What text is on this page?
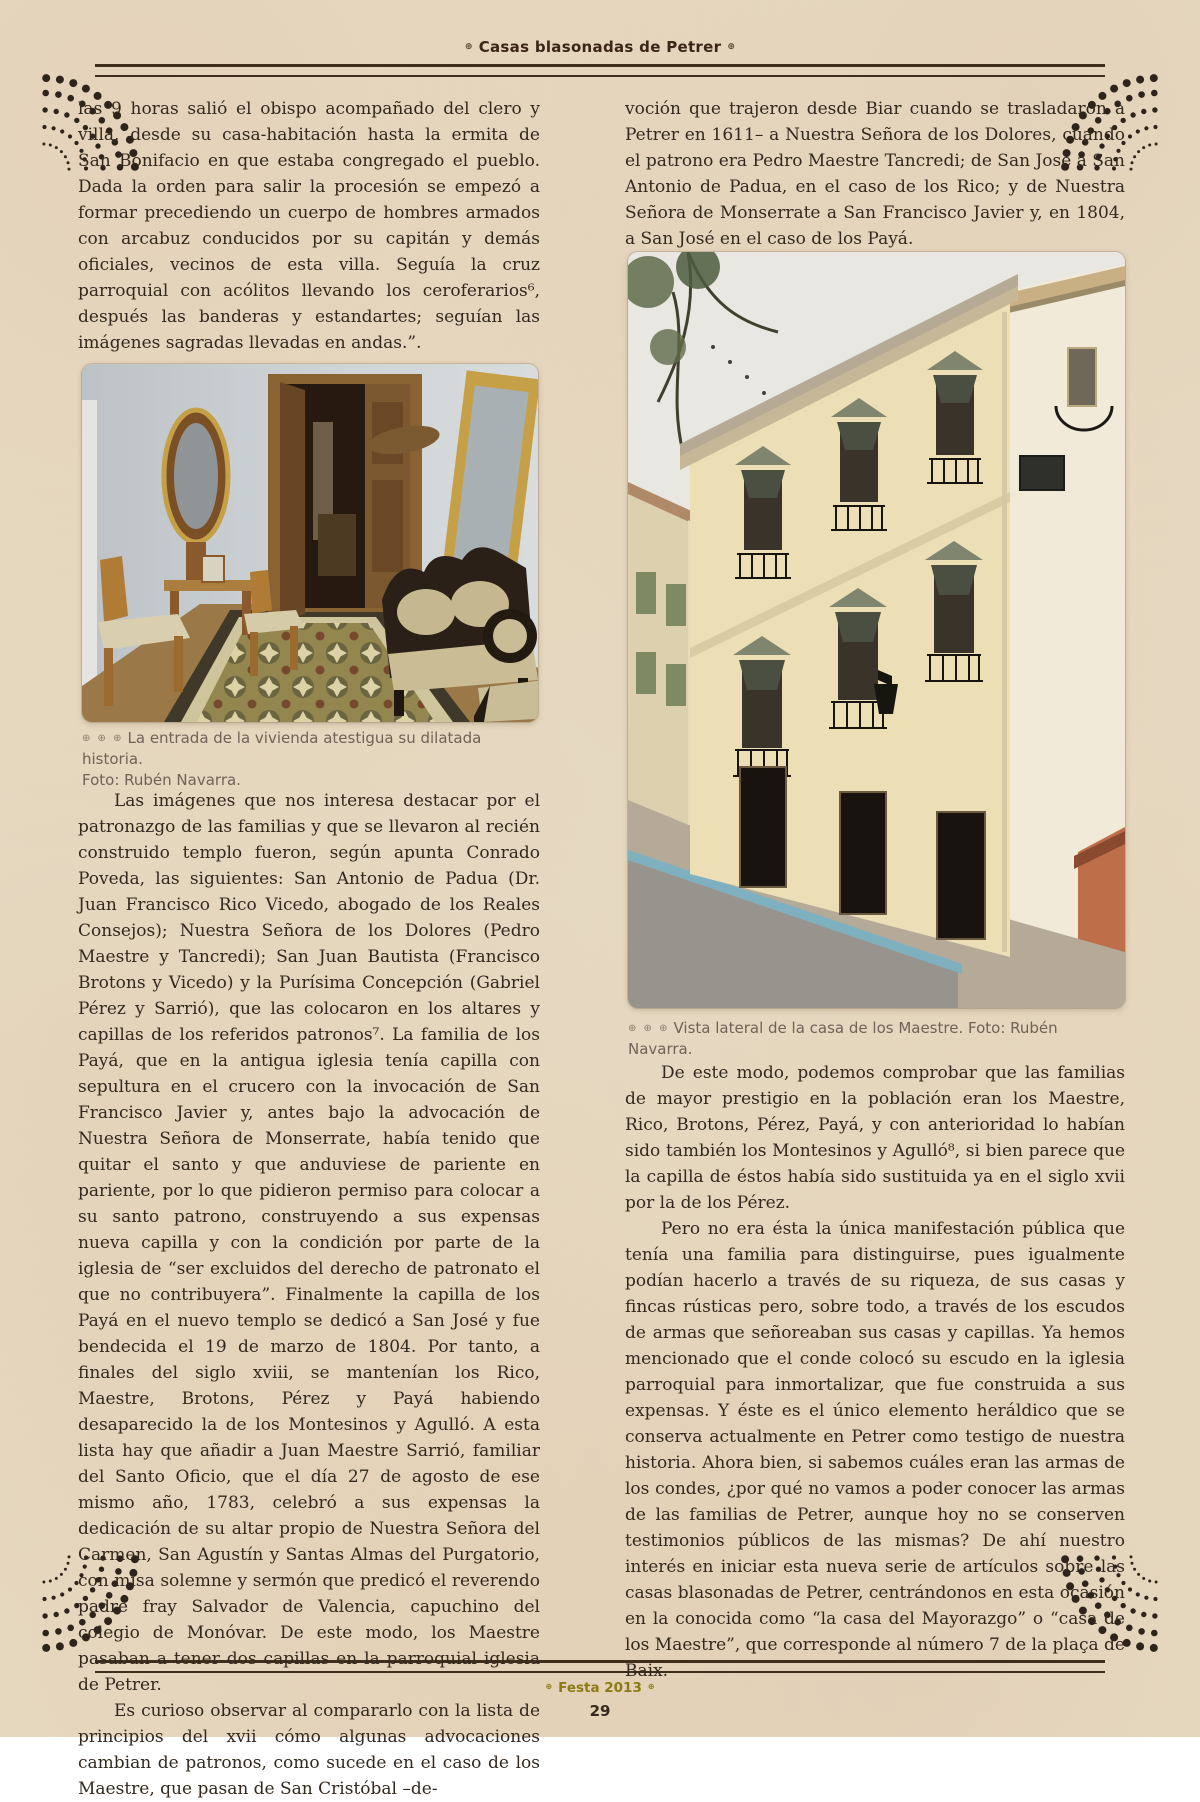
⊕ Casas blasonadas de Petrer ⊕

las 9 horas salió el obispo acompañado del clero y villa, desde su casa-habitación hasta la ermita de San Bonifacio en que estaba congregado el pueblo. Dada la orden para salir la procesión se empezó a formar precediendo un cuerpo de hombres armados con arcabuz conducidos por su capitán y demás oficiales, vecinos de esta villa. Seguía la cruz parroquial con acólitos llevando los ceroferarios⁶, después las banderas y estandartes; seguían las imágenes sagradas llevadas en andas.”.

voción que trajeron desde Biar cuando se trasladaron a Petrer en 1611– a Nuestra Señora de los Dolores, cuando el patrono era Pedro Maestre Tancredi; de San José a San Antonio de Padua, en el caso de los Rico; y de Nuestra Señora de Monserrate a San Francisco Javier y, en 1804, a San José en el caso de los Payá.

⊕ ⊕ ⊕ La entrada de la vivienda atestigua su dilatada historia.
Foto: Rubén Navarra.
⊕ ⊕ ⊕ Vista lateral de la casa de los Maestre. Foto: Rubén Navarra.

Las imágenes que nos interesa destacar por el patronazgo de las familias y que se llevaron al recién construido templo fueron, según apunta Conrado Poveda, las siguientes: San Antonio de Padua (Dr. Juan Francisco Rico Vicedo, abogado de los Reales Consejos); Nuestra Señora de los Dolores (Pedro Maestre y Tancredi); San Juan Bautista (Francisco Brotons y Vicedo) y la Purísima Concepción (Gabriel Pérez y Sarrió), que las colocaron en los altares y capillas de los referidos patronos⁷. La familia de los Payá, que en la antigua iglesia tenía capilla con sepultura en el crucero con la invocación de San Francisco Javier y, antes bajo la advocación de Nuestra Señora de Monserrate, había tenido que quitar el santo y que anduviese de pariente en pariente, por lo que pidieron permiso para colocar a su santo patrono, construyendo a sus expensas nueva capilla y con la condición por parte de la iglesia de “ser excluidos del derecho de patronato el que no contribuyera”. Finalmente la capilla de los Payá en el nuevo templo se dedicó a San José y fue bendecida el 19 de marzo de 1804. Por tanto, a finales del siglo xviii, se mantenían los Rico, Maestre, Brotons, Pérez y Payá habiendo desaparecido la de los Montesinos y Agulló. A esta lista hay que añadir a Juan Maestre Sarrió, familiar del Santo Oficio, que el día 27 de agosto de ese mismo año, 1783, celebró a sus expensas la dedicación de su altar propio de Nuestra Señora del Carmen, San Agustín y Santas Almas del Purgatorio, con misa solemne y sermón que predicó el reverendo padre fray Salvador de Valencia, capuchino del colegio de Monóvar. De este modo, los Maestre pasaban a tener dos capillas en la parroquial iglesia de Petrer.

Es curioso observar al compararlo con la lista de principios del xvii cómo algunas advocaciones cambian de patronos, como sucede en el caso de los Maestre, que pasan de San Cristóbal –de-

De este modo, podemos comprobar que las familias de mayor prestigio en la población eran los Maestre, Rico, Brotons, Pérez, Payá, y con anterioridad lo habían sido también los Montesinos y Agulló⁸, si bien parece que la capilla de éstos había sido sustituida ya en el siglo xvii por la de los Pérez.

Pero no era ésta la única manifestación pública que tenía una familia para distinguirse, pues igualmente podían hacerlo a través de su riqueza, de sus casas y fincas rústicas pero, sobre todo, a través de los escudos de armas que señoreaban sus casas y capillas. Ya hemos mencionado que el conde colocó su escudo en la iglesia parroquial para inmortalizar, que fue construida a sus expensas. Y éste es el único elemento heráldico que se conserva actualmente en Petrer como testigo de nuestra historia. Ahora bien, si sabemos cuáles eran las armas de los condes, ¿por qué no vamos a poder conocer las armas de las familias de Petrer, aunque hoy no se conserven testimonios públicos de las mismas? De ahí nuestro interés en iniciar esta nueva serie de artículos sobre las casas blasonadas de Petrer, centrándonos en esta ocasión en la conocida como “la casa del Mayorazgo” o “casa de los Maestre”, que corresponde al número 7 de la plaça de Baix.

⊕ Festa 2013 ⊕
29
